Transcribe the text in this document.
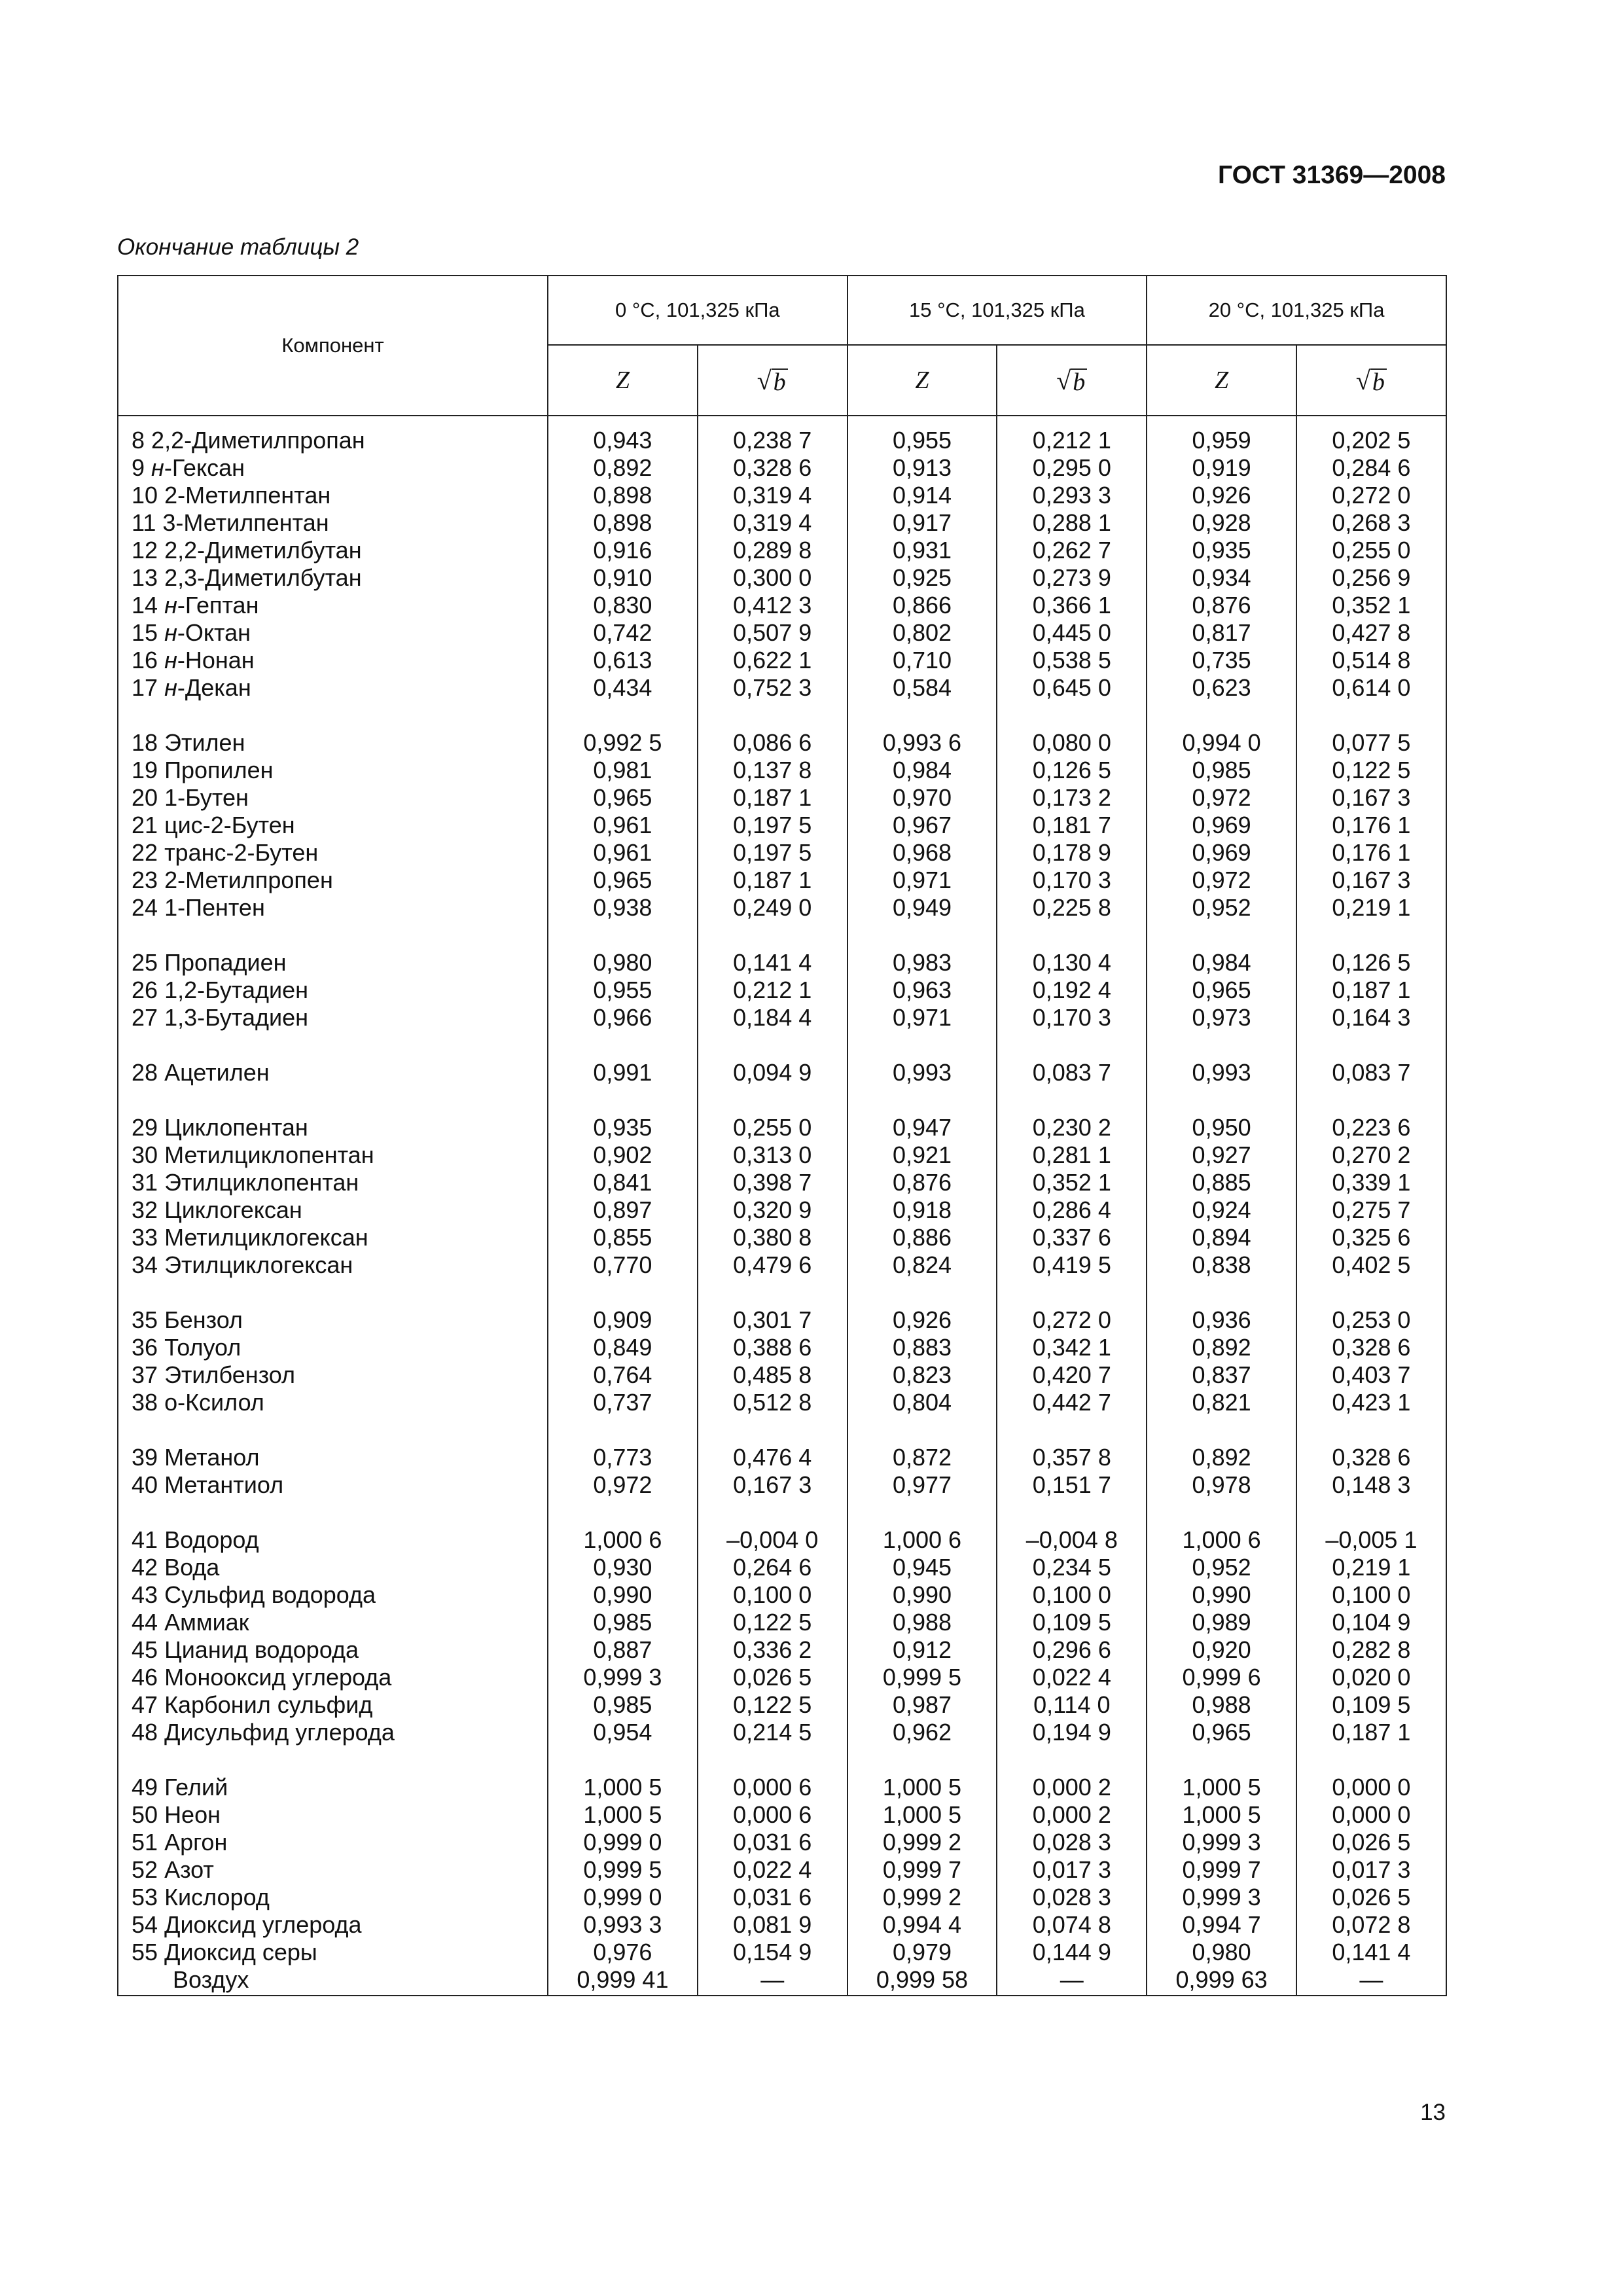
ГОСТ 31369—2008
Окончание таблицы 2
Компонент	0 °C, 101,325 кПа		15 °C, 101,325 кПа		20 °C, 101,325 кПа	
	Z	√ b	Z	√ b	Z	√ b

8 2,2-Диметилпропан	0,943	0,238 7	0,955	0,212 1	0,959	0,202 5
9 н-Гексан	0,892	0,328 6	0,913	0,295 0	0,919	0,284 6
10 2-Метилпентан	0,898	0,319 4	0,914	0,293 3	0,926	0,272 0
11 3-Метилпентан	0,898	0,319 4	0,917	0,288 1	0,928	0,268 3
12 2,2-Диметилбутан	0,916	0,289 8	0,931	0,262 7	0,935	0,255 0
13 2,3-Диметилбутан	0,910	0,300 0	0,925	0,273 9	0,934	0,256 9
14 н-Гептан	0,830	0,412 3	0,866	0,366 1	0,876	0,352 1
15 н-Октан	0,742	0,507 9	0,802	0,445 0	0,817	0,427 8
16 н-Нонан	0,613	0,622 1	0,710	0,538 5	0,735	0,514 8
17 н-Декан	0,434	0,752 3	0,584	0,645 0	0,623	0,614 0
18 Этилен	0,992 5	0,086 6	0,993 6	0,080 0	0,994 0	0,077 5
19 Пропилен	0,981	0,137 8	0,984	0,126 5	0,985	0,122 5
20 1-Бутен	0,965	0,187 1	0,970	0,173 2	0,972	0,167 3
21 цис-2-Бутен	0,961	0,197 5	0,967	0,181 7	0,969	0,176 1
22 транс-2-Бутен	0,961	0,197 5	0,968	0,178 9	0,969	0,176 1
23 2-Метилпропен	0,965	0,187 1	0,971	0,170 3	0,972	0,167 3
24 1-Пентен	0,938	0,249 0	0,949	0,225 8	0,952	0,219 1
25 Пропадиен	0,980	0,141 4	0,983	0,130 4	0,984	0,126 5
26 1,2-Бутадиен	0,955	0,212 1	0,963	0,192 4	0,965	0,187 1
27 1,3-Бутадиен	0,966	0,184 4	0,971	0,170 3	0,973	0,164 3
28 Ацетилен	0,991	0,094 9	0,993	0,083 7	0,993	0,083 7
29 Циклопентан	0,935	0,255 0	0,947	0,230 2	0,950	0,223 6
30 Метилциклопентан	0,902	0,313 0	0,921	0,281 1	0,927	0,270 2
31 Этилциклопентан	0,841	0,398 7	0,876	0,352 1	0,885	0,339 1
32 Циклогексан	0,897	0,320 9	0,918	0,286 4	0,924	0,275 7
33 Метилциклогексан	0,855	0,380 8	0,886	0,337 6	0,894	0,325 6
34 Этилциклогексан	0,770	0,479 6	0,824	0,419 5	0,838	0,402 5
35 Бензол	0,909	0,301 7	0,926	0,272 0	0,936	0,253 0
36 Толуол	0,849	0,388 6	0,883	0,342 1	0,892	0,328 6
37 Этилбензол	0,764	0,485 8	0,823	0,420 7	0,837	0,403 7
38 о-Ксилол	0,737	0,512 8	0,804	0,442 7	0,821	0,423 1
39 Метанол	0,773	0,476 4	0,872	0,357 8	0,892	0,328 6
40 Метантиол	0,972	0,167 3	0,977	0,151 7	0,978	0,148 3
41 Водород	1,000 6	–0,004 0	1,000 6	–0,004 8	1,000 6	–0,005 1
42 Вода	0,930	0,264 6	0,945	0,234 5	0,952	0,219 1
43 Сульфид водорода	0,990	0,100 0	0,990	0,100 0	0,990	0,100 0
44 Аммиак	0,985	0,122 5	0,988	0,109 5	0,989	0,104 9
45 Цианид водорода	0,887	0,336 2	0,912	0,296 6	0,920	0,282 8
46 Монооксид углерода	0,999 3	0,026 5	0,999 5	0,022 4	0,999 6	0,020 0
47 Карбонил сульфид	0,985	0,122 5	0,987	0,114 0	0,988	0,109 5
48 Дисульфид углерода	0,954	0,214 5	0,962	0,194 9	0,965	0,187 1
49 Гелий	1,000 5	0,000 6	1,000 5	0,000 2	1,000 5	0,000 0
50 Неон	1,000 5	0,000 6	1,000 5	0,000 2	1,000 5	0,000 0
51 Аргон	0,999 0	0,031 6	0,999 2	0,028 3	0,999 3	0,026 5
52 Азот	0,999 5	0,022 4	0,999 7	0,017 3	0,999 7	0,017 3
53 Кислород	0,999 0	0,031 6	0,999 2	0,028 3	0,999 3	0,026 5
54 Диоксид углерода	0,993 3	0,081 9	0,994 4	0,074 8	0,994 7	0,072 8
55 Диоксид серы	0,976	0,154 9	0,979	0,144 9	0,980	0,141 4
Воздух	0,999 41	—	0,999 58	—	0,999 63	—
13
